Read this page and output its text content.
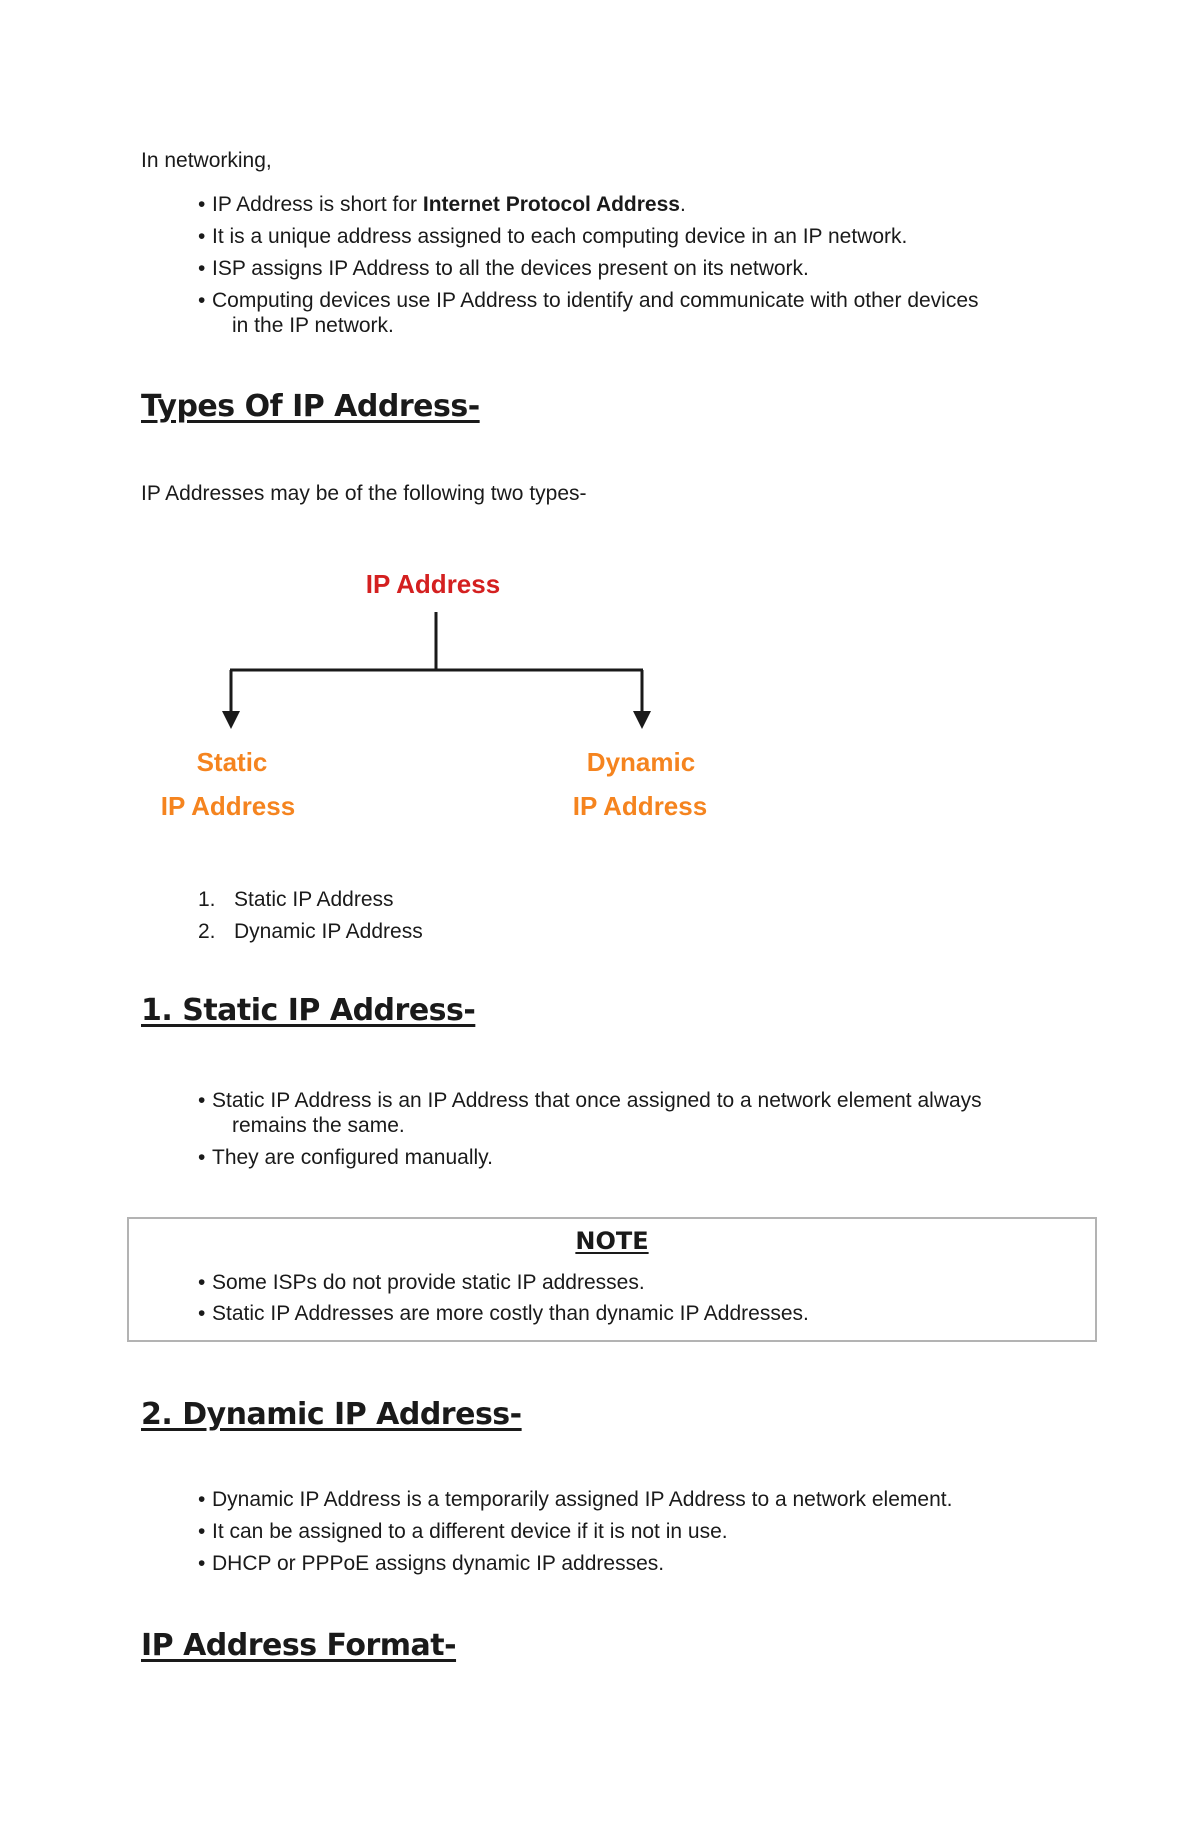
In networking,
• IP Address is short for Internet Protocol Address.
• It is a unique address assigned to each computing device in an IP network.
• ISP assigns IP Address to all the devices present on its network.
• Computing devices use IP Address to identify and communicate with other devices
in the IP network.
Types Of IP Address-
IP Addresses may be of the following two types-
IP Address
Static
IP Address
Dynamic
IP Address
1. Static IP Address
2. Dynamic IP Address
1. Static IP Address-
• Static IP Address is an IP Address that once assigned to a network element always
remains the same.
• They are configured manually.
NOTE
• Some ISPs do not provide static IP addresses.
• Static IP Addresses are more costly than dynamic IP Addresses.
2. Dynamic IP Address-
• Dynamic IP Address is a temporarily assigned IP Address to a network element.
• It can be assigned to a different device if it is not in use.
• DHCP or PPPoE assigns dynamic IP addresses.
IP Address Format-
